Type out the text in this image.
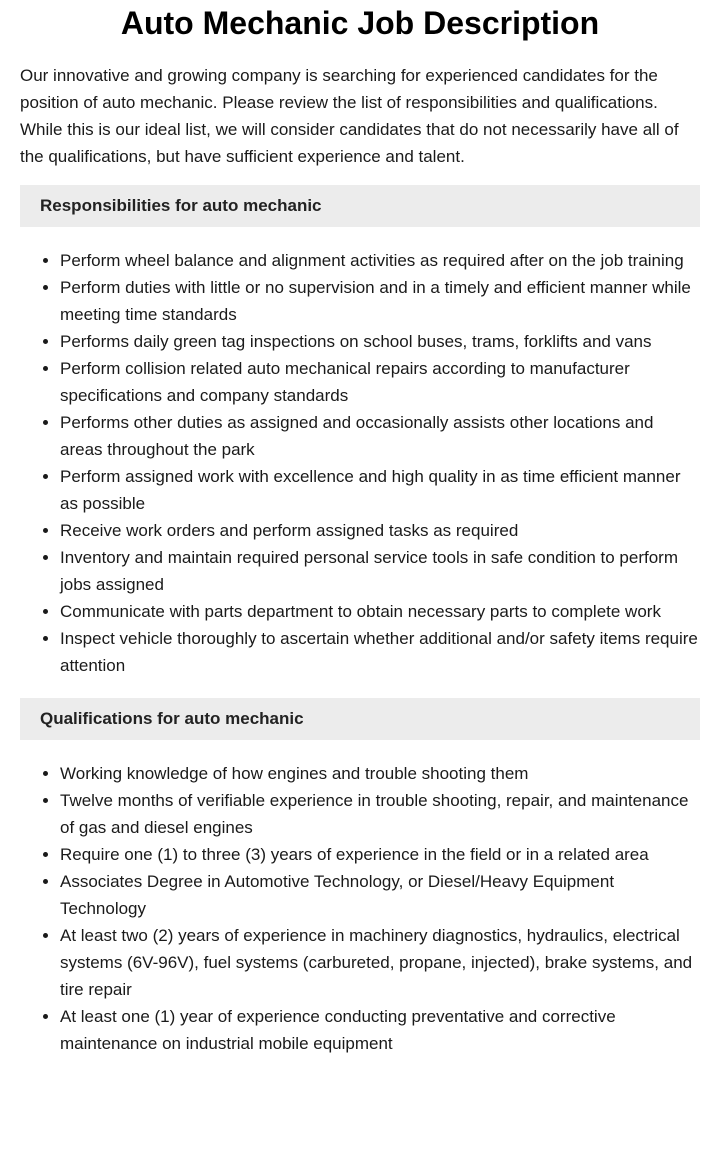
Auto Mechanic Job Description

Our innovative and growing company is searching for experienced candidates for the position of auto mechanic. Please review the list of responsibilities and qualifications. While this is our ideal list, we will consider candidates that do not necessarily have all of the qualifications, but have sufficient experience and talent.

Responsibilities for auto mechanic
• Perform wheel balance and alignment activities as required after on the job training
• Perform duties with little or no supervision and in a timely and efficient manner while meeting time standards
• Performs daily green tag inspections on school buses, trams, forklifts and vans
• Perform collision related auto mechanical repairs according to manufacturer specifications and company standards
• Performs other duties as assigned and occasionally assists other locations and areas throughout the park
• Perform assigned work with excellence and high quality in as time efficient manner as possible
• Receive work orders and perform assigned tasks as required
• Inventory and maintain required personal service tools in safe condition to perform jobs assigned
• Communicate with parts department to obtain necessary parts to complete work
• Inspect vehicle thoroughly to ascertain whether additional and/or safety items require attention
Qualifications for auto mechanic
• Working knowledge of how engines and trouble shooting them
• Twelve months of verifiable experience in trouble shooting, repair, and maintenance of gas and diesel engines
• Require one (1) to three (3) years of experience in the field or in a related area
• Associates Degree in Automotive Technology, or Diesel/Heavy Equipment Technology
• At least two (2) years of experience in machinery diagnostics, hydraulics, electrical systems (6V-96V), fuel systems (carbureted, propane, injected), brake systems, and tire repair
• At least one (1) year of experience conducting preventative and corrective maintenance on industrial mobile equipment
